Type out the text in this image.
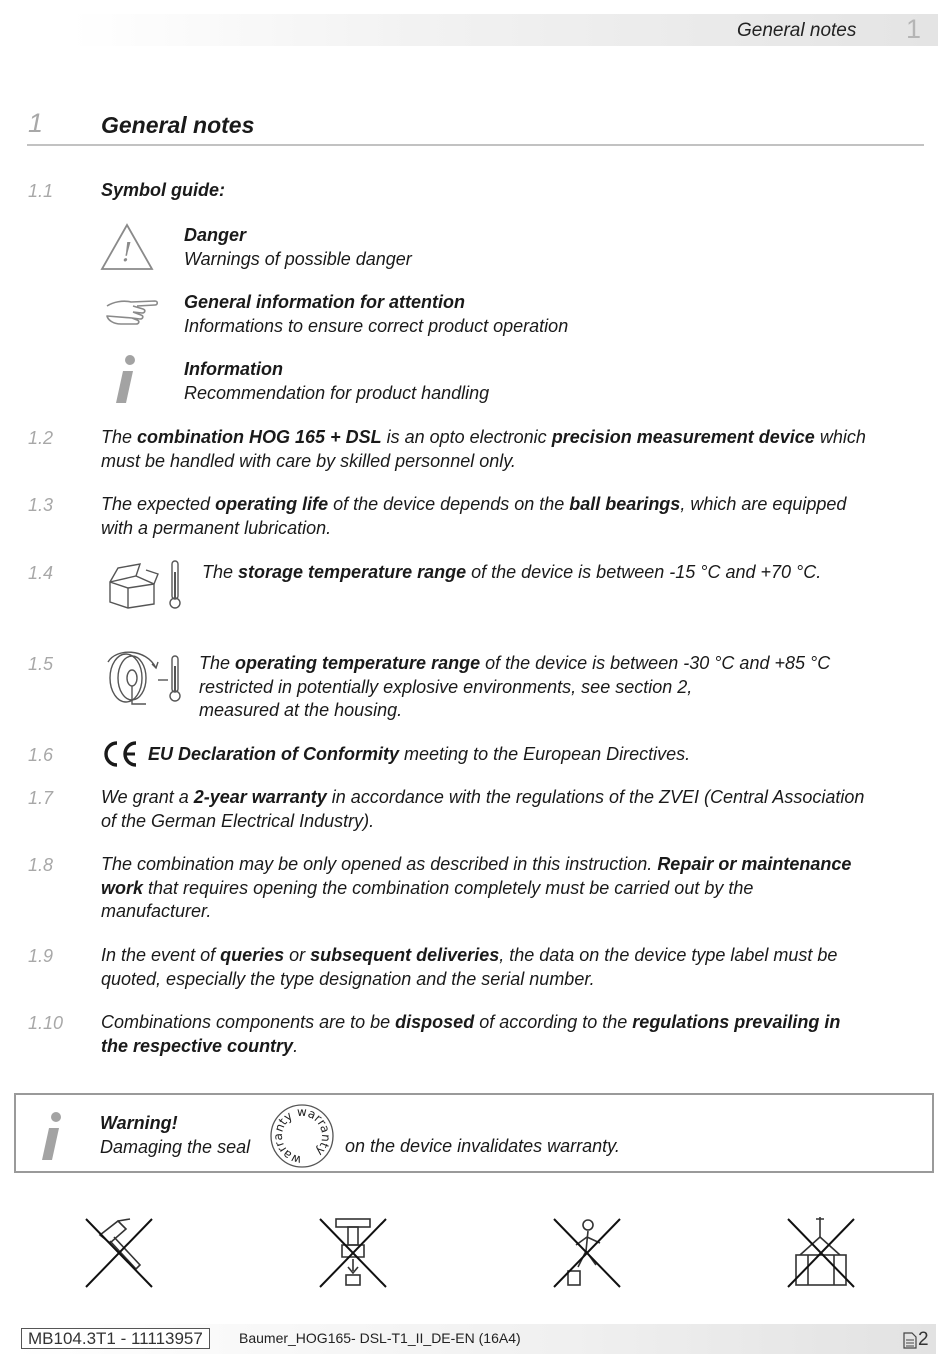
General notes 1
1	General notes
1.1	Symbol guide:
!
Danger
Warnings of possible danger
General information for attention
Informations to ensure correct product operation
Information
Recommendation for product handling
1.2	The combination HOG 165 + DSL is an opto electronic precision measurement device which
must be handled with care by skilled personnel only.
1.3	The expected operating life of the device depends on the ball bearings, which are equipped
with a permanent lubrication.
1.4	The storage temperature range of the device is between -15 °C and +70 °C.
1.5	The operating temperature range of the device is between -30 °C and +85 °C
restricted in potentially explosive environments, see section 2,
measured at the housing.
1.6	EU Declaration of Conformity meeting to the European Directives.
1.7	We grant a 2-year warranty in accordance with the regulations of the ZVEI (Central Association
of the German Electrical Industry).
1.8	The combination may be only opened as described in this instruction. Repair or maintenance
work that requires opening the combination completely must be carried out by the
manufacturer.
1.9	In the event of queries or subsequent deliveries, the data on the device type label must be
quoted, especially the type designation and the serial number.
1.10 Combinations components are to be disposed of according to the regulations prevailing in
the respective country.
Warning!
Damaging the seal
warranty warranty on the device invalidates warranty.
MB104.3T1 - 11113957	Baumer_HOG165- DSL-T1_II_DE-EN (16A4)	2
